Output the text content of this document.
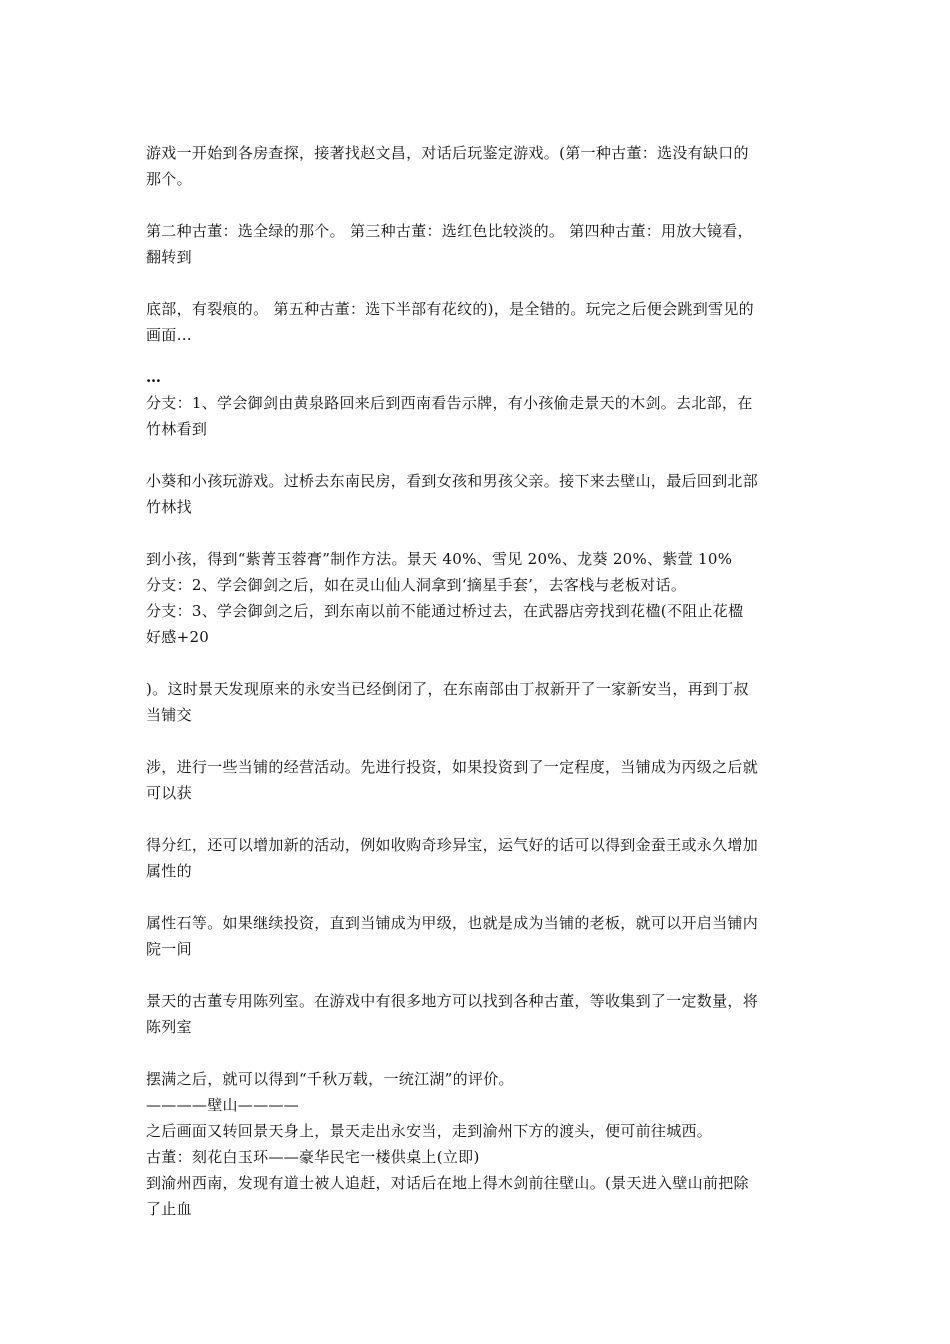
游戏一开始到各房查探，接著找赵文昌，对话后玩鉴定游戏。(第一种古董：选没有缺口的
那个。
第二种古董：选全绿的那个。 第三种古董：选红色比较淡的。 第四种古董：用放大镜看，
翻转到
底部，有裂痕的。 第五种古董：选下半部有花纹的)，是全错的。玩完之后便会跳到雪见的
画面…
…
分支：1、学会御剑由黄泉路回来后到西南看告示牌，有小孩偷走景天的木剑。去北部，在
竹林看到
小葵和小孩玩游戏。过桥去东南民房，看到女孩和男孩父亲。接下来去壁山，最后回到北部
竹林找
到小孩，得到“紫菁玉蓉膏”制作方法。景天 40%、雪见 20%、龙葵 20%、紫萱 10%
分支：2、学会御剑之后，如在灵山仙人洞拿到‘摘星手套’，去客栈与老板对话。
分支：3、学会御剑之后，到东南以前不能通过桥过去，在武器店旁找到花楹(不阻止花楹
好感+20
)。这时景天发现原来的永安当已经倒闭了，在东南部由丁叔新开了一家新安当，再到丁叔
当铺交
涉，进行一些当铺的经营活动。先进行投资，如果投资到了一定程度，当铺成为丙级之后就
可以获
得分红，还可以增加新的活动，例如收购奇珍异宝，运气好的话可以得到金蚕王或永久增加
属性的
属性石等。如果继续投资，直到当铺成为甲级，也就是成为当铺的老板，就可以开启当铺内
院一间
景天的古董专用陈列室。在游戏中有很多地方可以找到各种古董，等收集到了一定数量，将
陈列室
摆满之后，就可以得到“千秋万载，一统江湖”的评价。
————壁山————
之后画面又转回景天身上，景天走出永安当，走到渝州下方的渡头，便可前往城西。
古董：刻花白玉环——豪华民宅一楼供桌上(立即)
到渝州西南，发现有道士被人追赶，对话后在地上得木剑前往壁山。(景天进入壁山前把除
了止血
